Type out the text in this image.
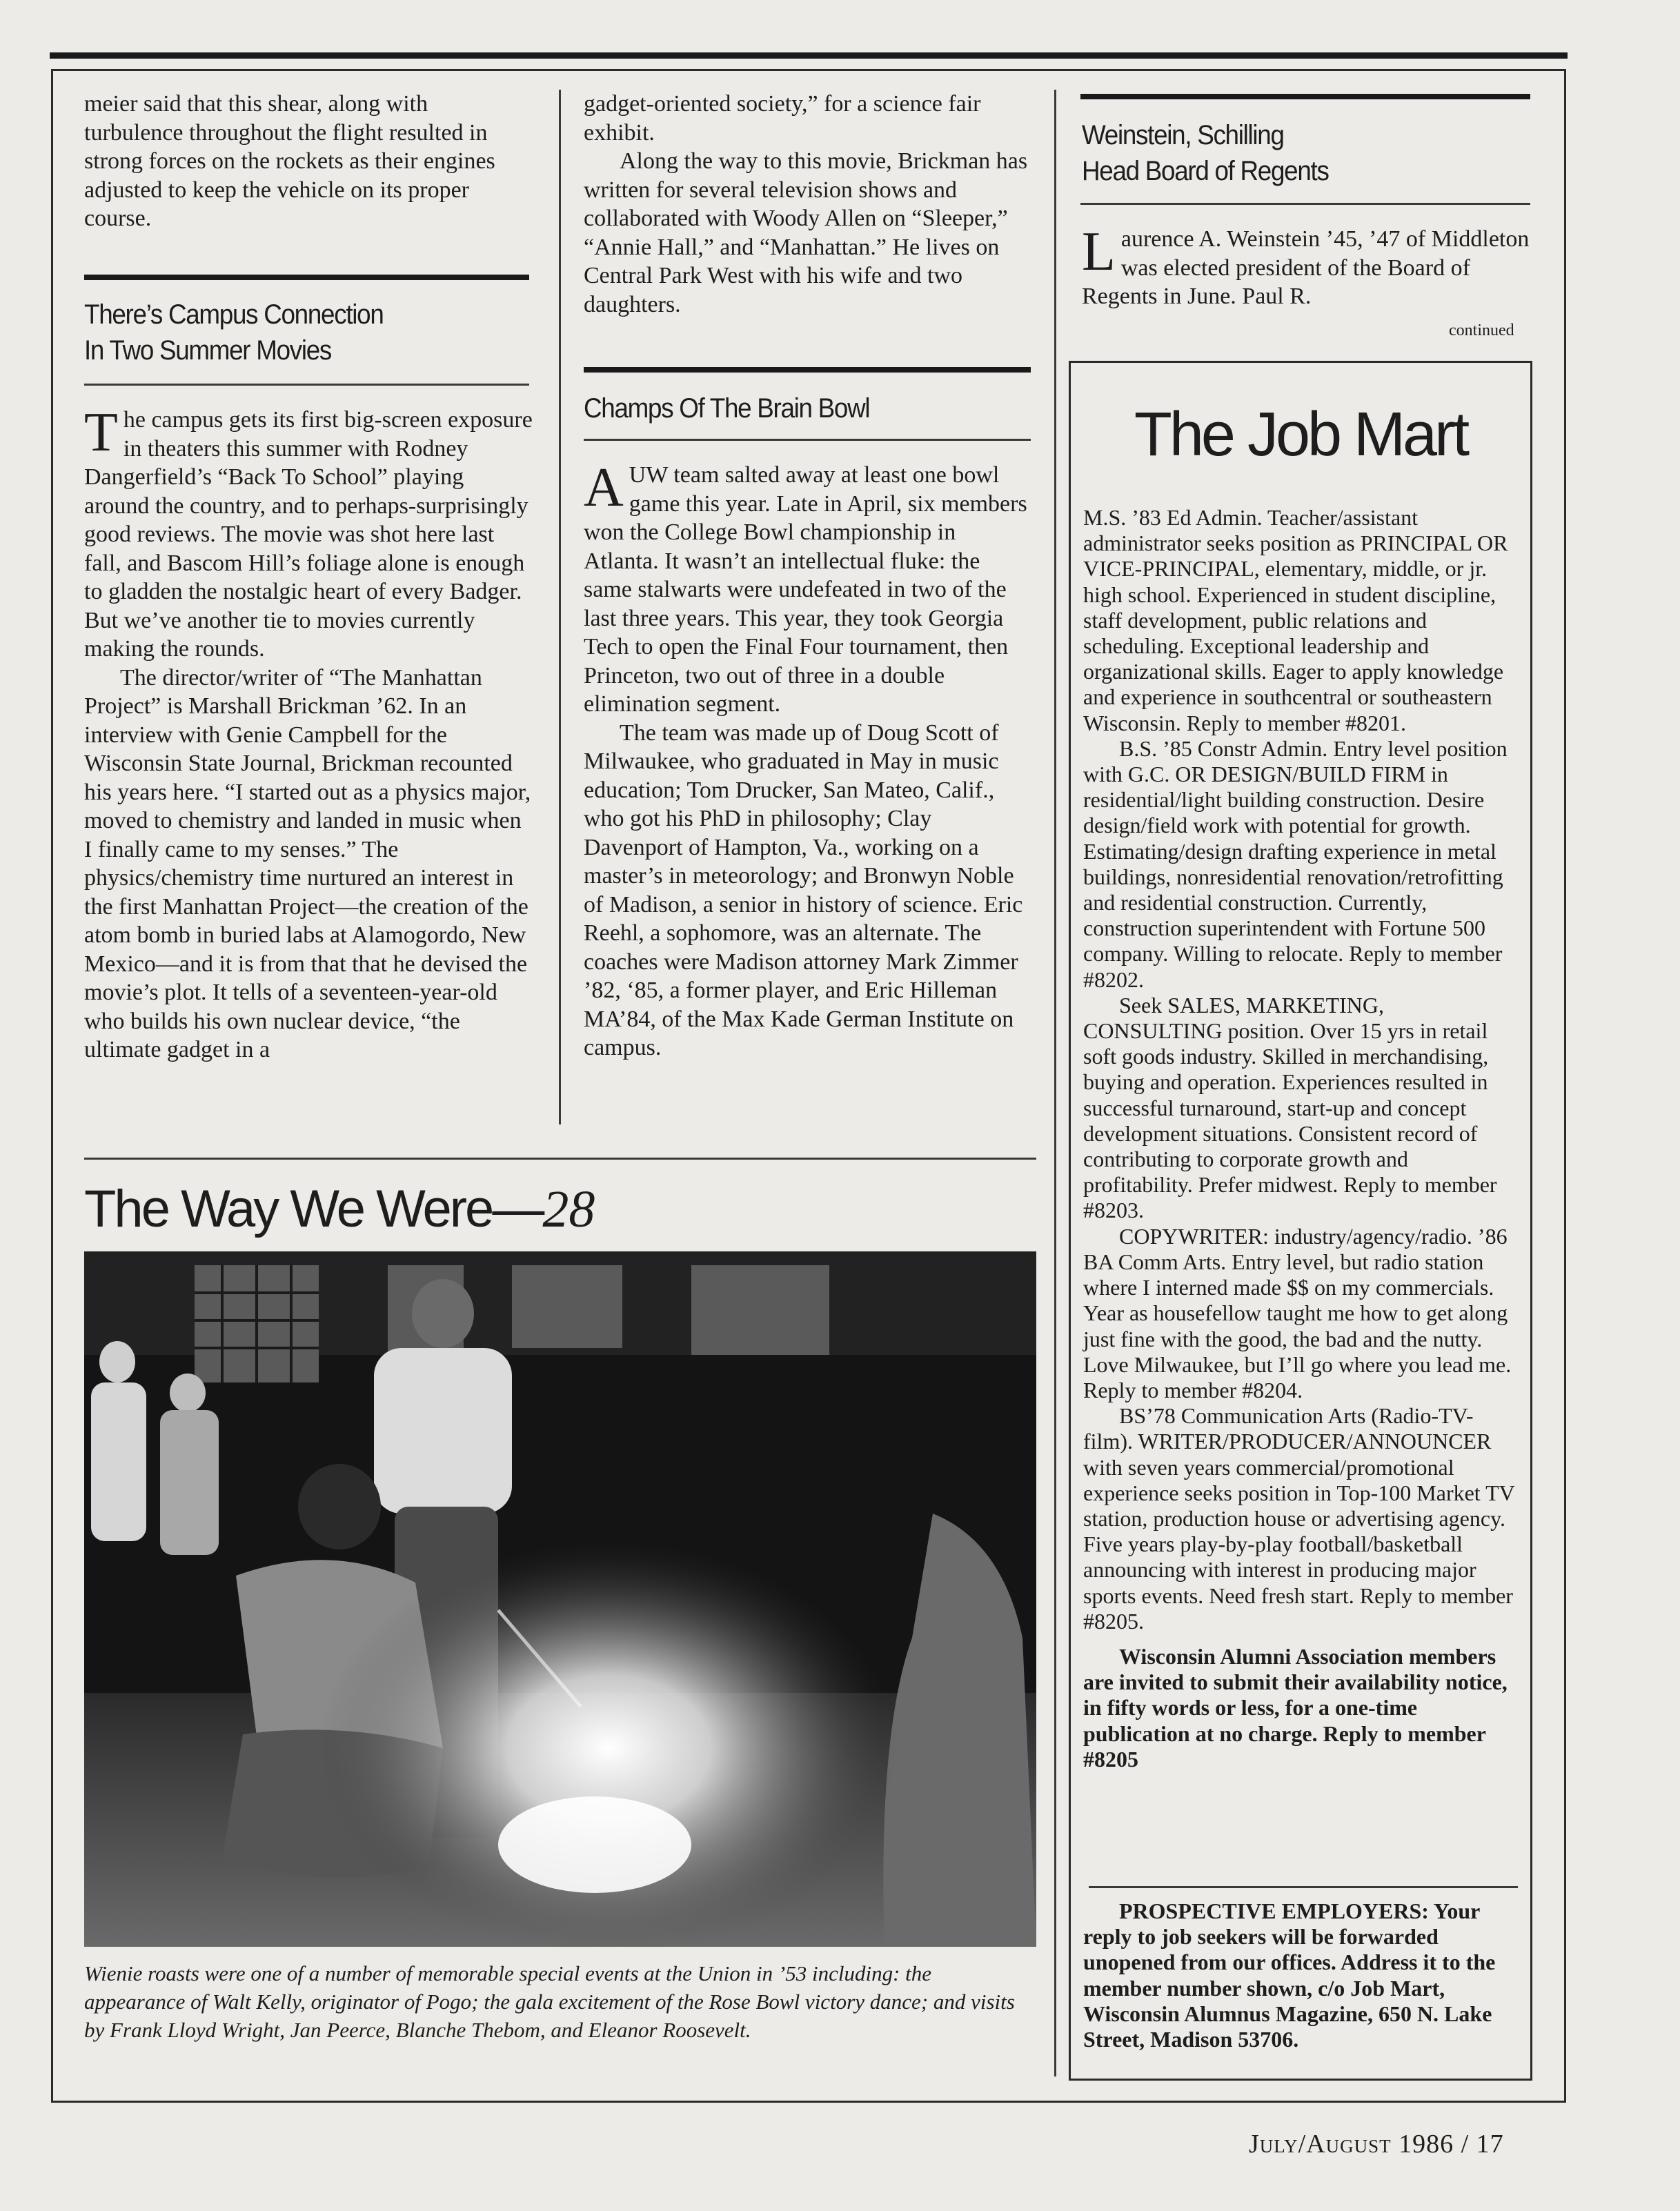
meier said that this shear, along with turbulence throughout the flight resulted in strong forces on the rockets as their engines adjusted to keep the vehicle on its proper course.

There’s Campus Connection
In Two Summer Movies

The campus gets its first big-screen exposure in theaters this summer with Rodney Dangerfield’s “Back To School” playing around the country, and to perhaps-surprisingly good reviews. The movie was shot here last fall, and Bascom Hill’s foliage alone is enough to gladden the nostalgic heart of every Badger. But we’ve another tie to movies currently making the rounds.

The director/writer of “The Manhattan Project” is Marshall Brickman ’62. In an interview with Genie Campbell for the Wisconsin State Journal, Brickman recounted his years here. “I started out as a physics major, moved to chemistry and landed in music when I finally came to my senses.” The physics/chemistry time nurtured an interest in the first Manhattan Project—the creation of the atom bomb in buried labs at Alamogordo, New Mexico—and it is from that that he devised the movie’s plot. It tells of a seventeen-year-old who builds his own nuclear device, “the ultimate gadget in a

gadget-oriented society,” for a science fair exhibit.

Along the way to this movie, Brickman has written for several television shows and collaborated with Woody Allen on “Sleeper,” “Annie Hall,” and “Manhattan.” He lives on Central Park West with his wife and two daughters.

Champs Of The Brain Bowl

AUW team salted away at least one bowl game this year. Late in April, six members won the College Bowl championship in Atlanta. It wasn’t an intellectual fluke: the same stalwarts were undefeated in two of the last three years. This year, they took Georgia Tech to open the Final Four tournament, then Princeton, two out of three in a double elimination segment.

The team was made up of Doug Scott of Milwaukee, who graduated in May in music education; Tom Drucker, San Mateo, Calif., who got his PhD in philosophy; Clay Davenport of Hampton, Va., working on a master’s in meteorology; and Bronwyn Noble of Madison, a senior in history of science. Eric Reehl, a sophomore, was an alternate. The coaches were Madison attorney Mark Zimmer ’82, ‘85, a former player, and Eric Hilleman MA’84, of the Max Kade German Institute on campus.

Weinstein, Schilling
Head Board of Regents

Laurence A. Weinstein ’45, ’47 of Middleton was elected president of the Board of Regents in June. Paul R.

continued
The Job Mart

M.S. ’83 Ed Admin. Teacher/assistant administrator seeks position as PRINCIPAL OR VICE-PRINCIPAL, elementary, middle, or jr. high school. Experienced in student discipline, staff development, public relations and scheduling. Exceptional leadership and organizational skills. Eager to apply knowledge and experience in southcentral or southeastern Wisconsin. Reply to member #8201.

B.S. ’85 Constr Admin. Entry level position with G.C. OR DESIGN/BUILD FIRM in residential/light building construction. Desire design/field work with potential for growth. Estimating/design drafting experience in metal buildings, nonresidential renovation/retrofitting and residential construction. Currently, construction superintendent with Fortune 500 company. Willing to relocate. Reply to member #8202.

Seek SALES, MARKETING, CONSULTING position. Over 15 yrs in retail soft goods industry. Skilled in merchandising, buying and operation. Experiences resulted in successful turnaround, start-up and concept development situations. Consistent record of contributing to corporate growth and profitability. Prefer midwest. Reply to member #8203.

COPYWRITER: industry/agency/radio. ’86 BA Comm Arts. Entry level, but radio station where I interned made $$ on my commercials. Year as housefellow taught me how to get along just fine with the good, the bad and the nutty. Love Milwaukee, but I’ll go where you lead me. Reply to member #8204.

BS’78 Communication Arts (Radio-TV-film). WRITER/PRODUCER/ANNOUNCER with seven years commercial/promotional experience seeks position in Top-100 Market TV station, production house or advertising agency. Five years play-by-play football/basketball announcing with interest in producing major sports events. Need fresh start. Reply to member #8205.

Wisconsin Alumni Association members are invited to submit their availability notice, in fifty words or less, for a one-time publication at no charge. Reply to member #8205

PROSPECTIVE EMPLOYERS: Your reply to job seekers will be forwarded unopened from our offices. Address it to the member number shown, c/o Job Mart, Wisconsin Alumnus Magazine, 650 N. Lake Street, Madison 53706.

The Way We Were—28
Wienie roasts were one of a number of memorable special events at the Union in ’53 including: the appearance of Walt Kelly, originator of Pogo; the gala excitement of the Rose Bowl victory dance; and visits by Frank Lloyd Wright, Jan Peerce, Blanche Thebom, and Eleanor Roosevelt.
July/August 1986 / 17
